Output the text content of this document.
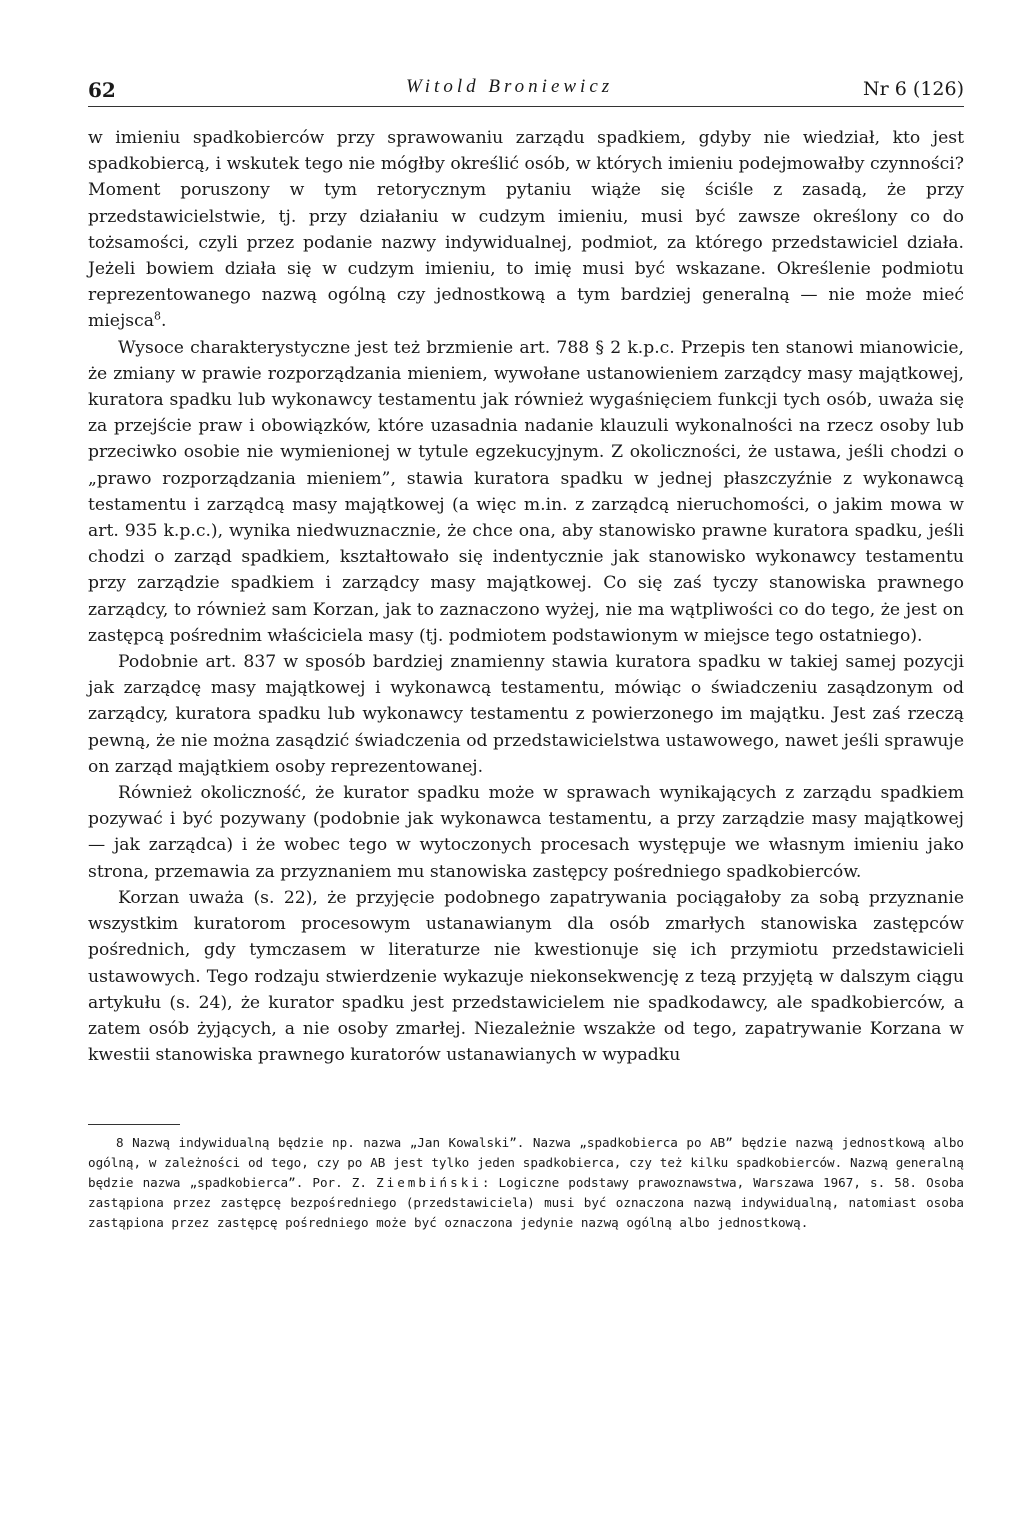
62	Witold Broniewicz	Nr 6 (126)

w imieniu spadkobierców przy sprawowaniu zarządu spadkiem, gdyby nie wiedział, kto jest spadkobiercą, i wskutek tego nie mógłby określić osób, w których imieniu podejmowałby czynności? Moment poruszony w tym retorycznym pytaniu wiąże się ściśle z zasadą, że przy przedstawicielstwie, tj. przy działaniu w cudzym imieniu, musi być zawsze określony co do tożsamości, czyli przez podanie nazwy indywidualnej, podmiot, za którego przedstawiciel działa. Jeżeli bowiem działa się w cudzym imieniu, to imię musi być wskazane. Określenie podmiotu reprezentowanego nazwą ogólną czy jednostkową a tym bardziej generalną — nie może mieć miejsca$^8$.

Wysoce charakterystyczne jest też brzmienie art. 788 § 2 k.p.c. Przepis ten stanowi mianowicie, że zmiany w prawie rozporządzania mieniem, wywołane ustanowieniem zarządcy masy majątkowej, kuratora spadku lub wykonawcy testamentu jak również wygaśnięciem funkcji tych osób, uważa się za przejście praw i obowiązków, które uzasadnia nadanie klauzuli wykonalności na rzecz osoby lub przeciwko osobie nie wymienionej w tytule egzekucyjnym. Z okoliczności, że ustawa, jeśli chodzi o „prawo rozporządzania mieniem”, stawia kuratora spadku w jednej płaszczyźnie z wykonawcą testamentu i zarządcą masy majątkowej (a więc m.in. z zarządcą nieruchomości, o jakim mowa w art. 935 k.p.c.), wynika niedwuznacznie, że chce ona, aby stanowisko prawne kuratora spadku, jeśli chodzi o zarząd spadkiem, kształtowało się indentycznie jak stanowisko wykonawcy testamentu przy zarządzie spadkiem i zarządcy masy majątkowej. Co się zaś tyczy stanowiska prawnego zarządcy, to również sam Korzan, jak to zaznaczono wyżej, nie ma wątpliwości co do tego, że jest on zastępcą pośrednim właściciela masy (tj. podmiotem podstawionym w miejsce tego ostatniego).

Podobnie art. 837 w sposób bardziej znamienny stawia kuratora spadku w takiej samej pozycji jak zarządcę masy majątkowej i wykonawcą testamentu, mówiąc o świadczeniu zasądzonym od zarządcy, kuratora spadku lub wykonawcy testamentu z powierzonego im majątku. Jest zaś rzeczą pewną, że nie można zasądzić świadczenia od przedstawicielstwa ustawowego, nawet jeśli sprawuje on zarząd majątkiem osoby reprezentowanej.

Również okoliczność, że kurator spadku może w sprawach wynikających z zarządu spadkiem pozywać i być pozywany (podobnie jak wykonawca testamentu, a przy zarządzie masy majątkowej — jak zarządca) i że wobec tego w wytoczonych procesach występuje we własnym imieniu jako strona, przemawia za przyznaniem mu stanowiska zastępcy pośredniego spadkobierców.

Korzan uważa (s. 22), że przyjęcie podobnego zapatrywania pociągałoby za sobą przyznanie wszystkim kuratorom procesowym ustanawianym dla osób zmarłych stanowiska zastępców pośrednich, gdy tymczasem w literaturze nie kwestionuje się ich przymiotu przedstawicieli ustawowych. Tego rodzaju stwierdzenie wykazuje niekonsekwencję z tezą przyjętą w dalszym ciągu artykułu (s. 24), że kurator spadku jest przedstawicielem nie spadkodawcy, ale spadkobierców, a zatem osób żyjących, a nie osoby zmarłej. Niezależnie wszakże od tego, zapatrywanie Korzana w kwestii stanowiska prawnego kuratorów ustanawianych w wypadku

8 Nazwą indywidualną będzie np. nazwa „Jan Kowalski”. Nazwa „spadkobierca po AB” będzie nazwą jednostkową albo ogólną, w zależności od tego, czy po AB jest tylko jeden spadkobierca, czy też kilku spadkobierców. Nazwą generalną będzie nazwa „spadkobierca”. Por. Z. Ziembiński: Logiczne podstawy prawoznawstwa, Warszawa 1967, s. 58. Osoba zastąpiona przez zastępcę bezpośredniego (przedstawiciela) musi być oznaczona nazwą indywidualną, natomiast osoba zastąpiona przez zastępcę pośredniego może być oznaczona jedynie nazwą ogólną albo jednostkową.
